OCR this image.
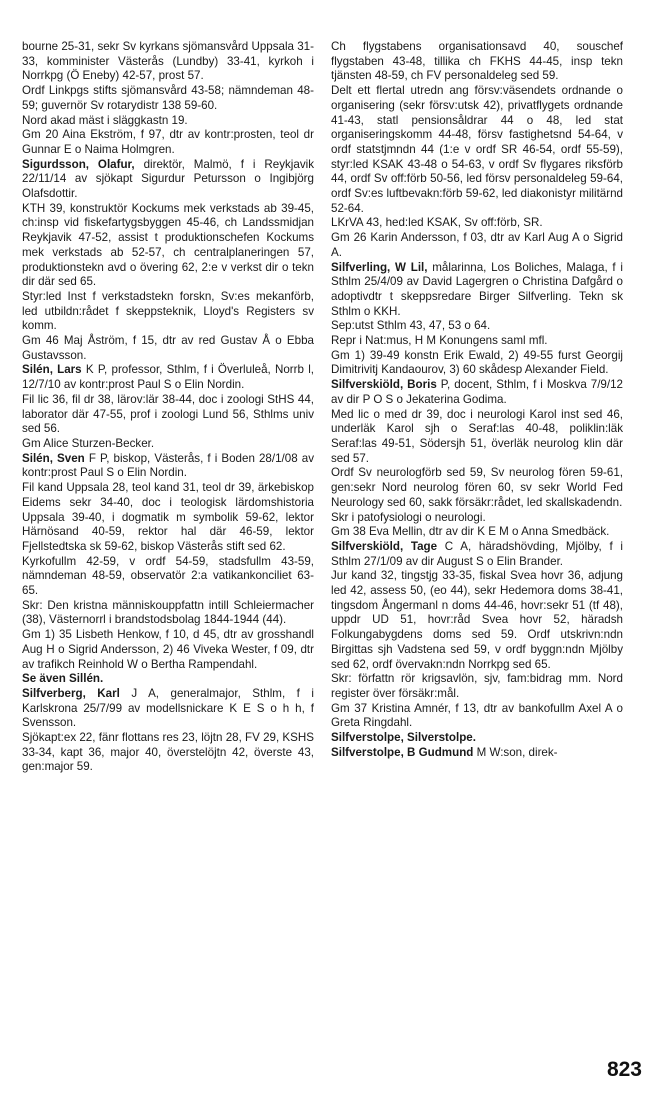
bourne 25-31, sekr Sv kyrkans sjömansvård Uppsala 31-33, komminister Västerås (Lundby) 33-41, kyrkoh i Norrkpg (Ö Eneby) 42-57, prost 57.

Ordf Linkpgs stifts sjömansvård 43-58; nämndeman 48-59; guvernör Sv rotarydistr 138 59-60.

Nord akad mäst i släggkastn 19.

Gm 20 Aina Ekström, f 97, dtr av kontr:prosten, teol dr Gunnar E o Naima Holmgren.

Sigurdsson, Olafur, direktör, Malmö, f i Reykjavik 22/11/14 av sjökapt Sigurdur Petursson o Ingibjörg Olafsdottir.

KTH 39, konstruktör Kockums mek verkstads ab 39-45, ch:insp vid fiskefartygsbyggen 45-46, ch Landssmidjan Reykjavik 47-52, assist t produktionschefen Kockums mek verkstads ab 52-57, ch centralplaneringen 57, produktionstekn avd o övering 62, 2:e v verkst dir o tekn dir där sed 65.

Styr:led Inst f verkstadstekn forskn, Sv:es mekanförb, led utbildn:rådet f skeppsteknik, Lloyd's Registers sv komm.

Gm 46 Maj Åström, f 15, dtr av red Gustav Å o Ebba Gustavsson.

Silén, Lars K P, professor, Sthlm, f i Överluleå, Norrb l, 12/7/10 av kontr:prost Paul S o Elin Nordin.

Fil lic 36, fil dr 38, lärov:lär 38-44, doc i zoologi StHS 44, laborator där 47-55, prof i zoologi Lund 56, Sthlms univ sed 56.

Gm Alice Sturzen-Becker.

Silén, Sven F P, biskop, Västerås, f i Boden 28/1/08 av kontr:prost Paul S o Elin Nordin.

Fil kand Uppsala 28, teol kand 31, teol dr 39, ärkebiskop Eidems sekr 34-40, doc i teologisk lärdomshistoria Uppsala 39-40, i dogmatik m symbolik 59-62, lektor Härnösand 40-59, rektor hal där 46-59, lektor Fjellstedtska sk 59-62, biskop Västerås stift sed 62.

Kyrkofullm 42-59, v ordf 54-59, stadsfullm 43-59, nämndeman 48-59, observatör 2:a vatikankonciliet 63-65.

Skr: Den kristna människouppfattn intill Schleiermacher (38), Västernorrl i brandstodsbolag 1844-1944 (44).

Gm 1) 35 Lisbeth Henkow, f 10, d 45, dtr av grosshandl Aug H o Sigrid Andersson, 2) 46 Viveka Wester, f 09, dtr av trafikch Reinhold W o Bertha Rampendahl.

Se även Sillén.

Silfverberg, Karl J A, generalmajor, Sthlm, f i Karlskrona 25/7/99 av modellsnickare K E S o h h, f Svensson.

Sjökapt:ex 22, fänr flottans res 23, löjtn 28, FV 29, KSHS 33-34, kapt 36, major 40, överstelöjtn 42, överste 43, gen:major 59.

Ch flygstabens organisationsavd 40, souschef flygstaben 43-48, tillika ch FKHS 44-45, insp tekn tjänsten 48-59, ch FV personaldeleg sed 59.

Delt ett flertal utredn ang försv:väsendets ordnande o organisering (sekr försv:utsk 42), privatflygets ordnande 41-43, statl pensionsåldrar 44 o 48, led stat organiseringskomm 44-48, försv fastighetsnd 54-64, v ordf statstjmndn 44 (1:e v ordf SR 46-54, ordf 55-59), styr:led KSAK 43-48 o 54-63, v ordf Sv flygares riksförb 44, ordf Sv off:förb 50-56, led försv personaldeleg 59-64, ordf Sv:es luftbevakn:förb 59-62, led diakonistyr militärnd 52-64.

LKrVA 43, hed:led KSAK, Sv off:förb, SR.

Gm 26 Karin Andersson, f 03, dtr av Karl Aug A o Sigrid A.

Silfverling, W Lil, målarinna, Los Boliches, Malaga, f i Sthlm 25/4/09 av David Lagergren o Christina Dafgård o adoptivdtr t skeppsredare Birger Silfverling. Tekn sk Sthlm o KKH.

Sep:utst Sthlm 43, 47, 53 o 64.

Repr i Nat:mus, H M Konungens saml mfl.

Gm 1) 39-49 konstn Erik Ewald, 2) 49-55 furst Georgij Dimitrivitj Kandaourov, 3) 60 skådesp Alexander Field.

Silfverskiöld, Boris P, docent, Sthlm, f i Moskva 7/9/12 av dir P O S o Jekaterina Godima.

Med lic o med dr 39, doc i neurologi Karol inst sed 46, underläk Karol sjh o Seraf:las 40-48, poliklin:läk Seraf:las 49-51, Södersjh 51, överläk neurolog klin där sed 57.

Ordf Sv neurologförb sed 59, Sv neurolog fören 59-61, gen:sekr Nord neurolog fören 60, sv sekr World Fed Neurology sed 60, sakk försäkr:rådet, led skallskadendn.

Skr i patofysiologi o neurologi.

Gm 38 Eva Mellin, dtr av dir K E M o Anna Smedbäck.

Silfverskiöld, Tage C A, häradshövding, Mjölby, f i Sthlm 27/1/09 av dir August S o Elin Brander.

Jur kand 32, tingstjg 33-35, fiskal Svea hovr 36, adjung led 42, assess 50, (eo 44), sekr Hedemora doms 38-41, tingsdom Ångermanl n doms 44-46, hovr:sekr 51 (tf 48), uppdr UD 51, hovr:råd Svea hovr 52, häradsh Folkungabygdens doms sed 59. Ordf utskrivn:ndn Birgittas sjh Vadstena sed 59, v ordf byggn:ndn Mjölby sed 62, ordf övervakn:ndn Norrkpg sed 65.

Skr: författn rör krigsavlön, sjv, fam:bidrag mm. Nord register över försäkr:mål.

Gm 37 Kristina Amnér, f 13, dtr av bankofullm Axel A o Greta Ringdahl.

Silfverstolpe, Silverstolpe.

Silfverstolpe, B Gudmund M W:son, direk-

823
